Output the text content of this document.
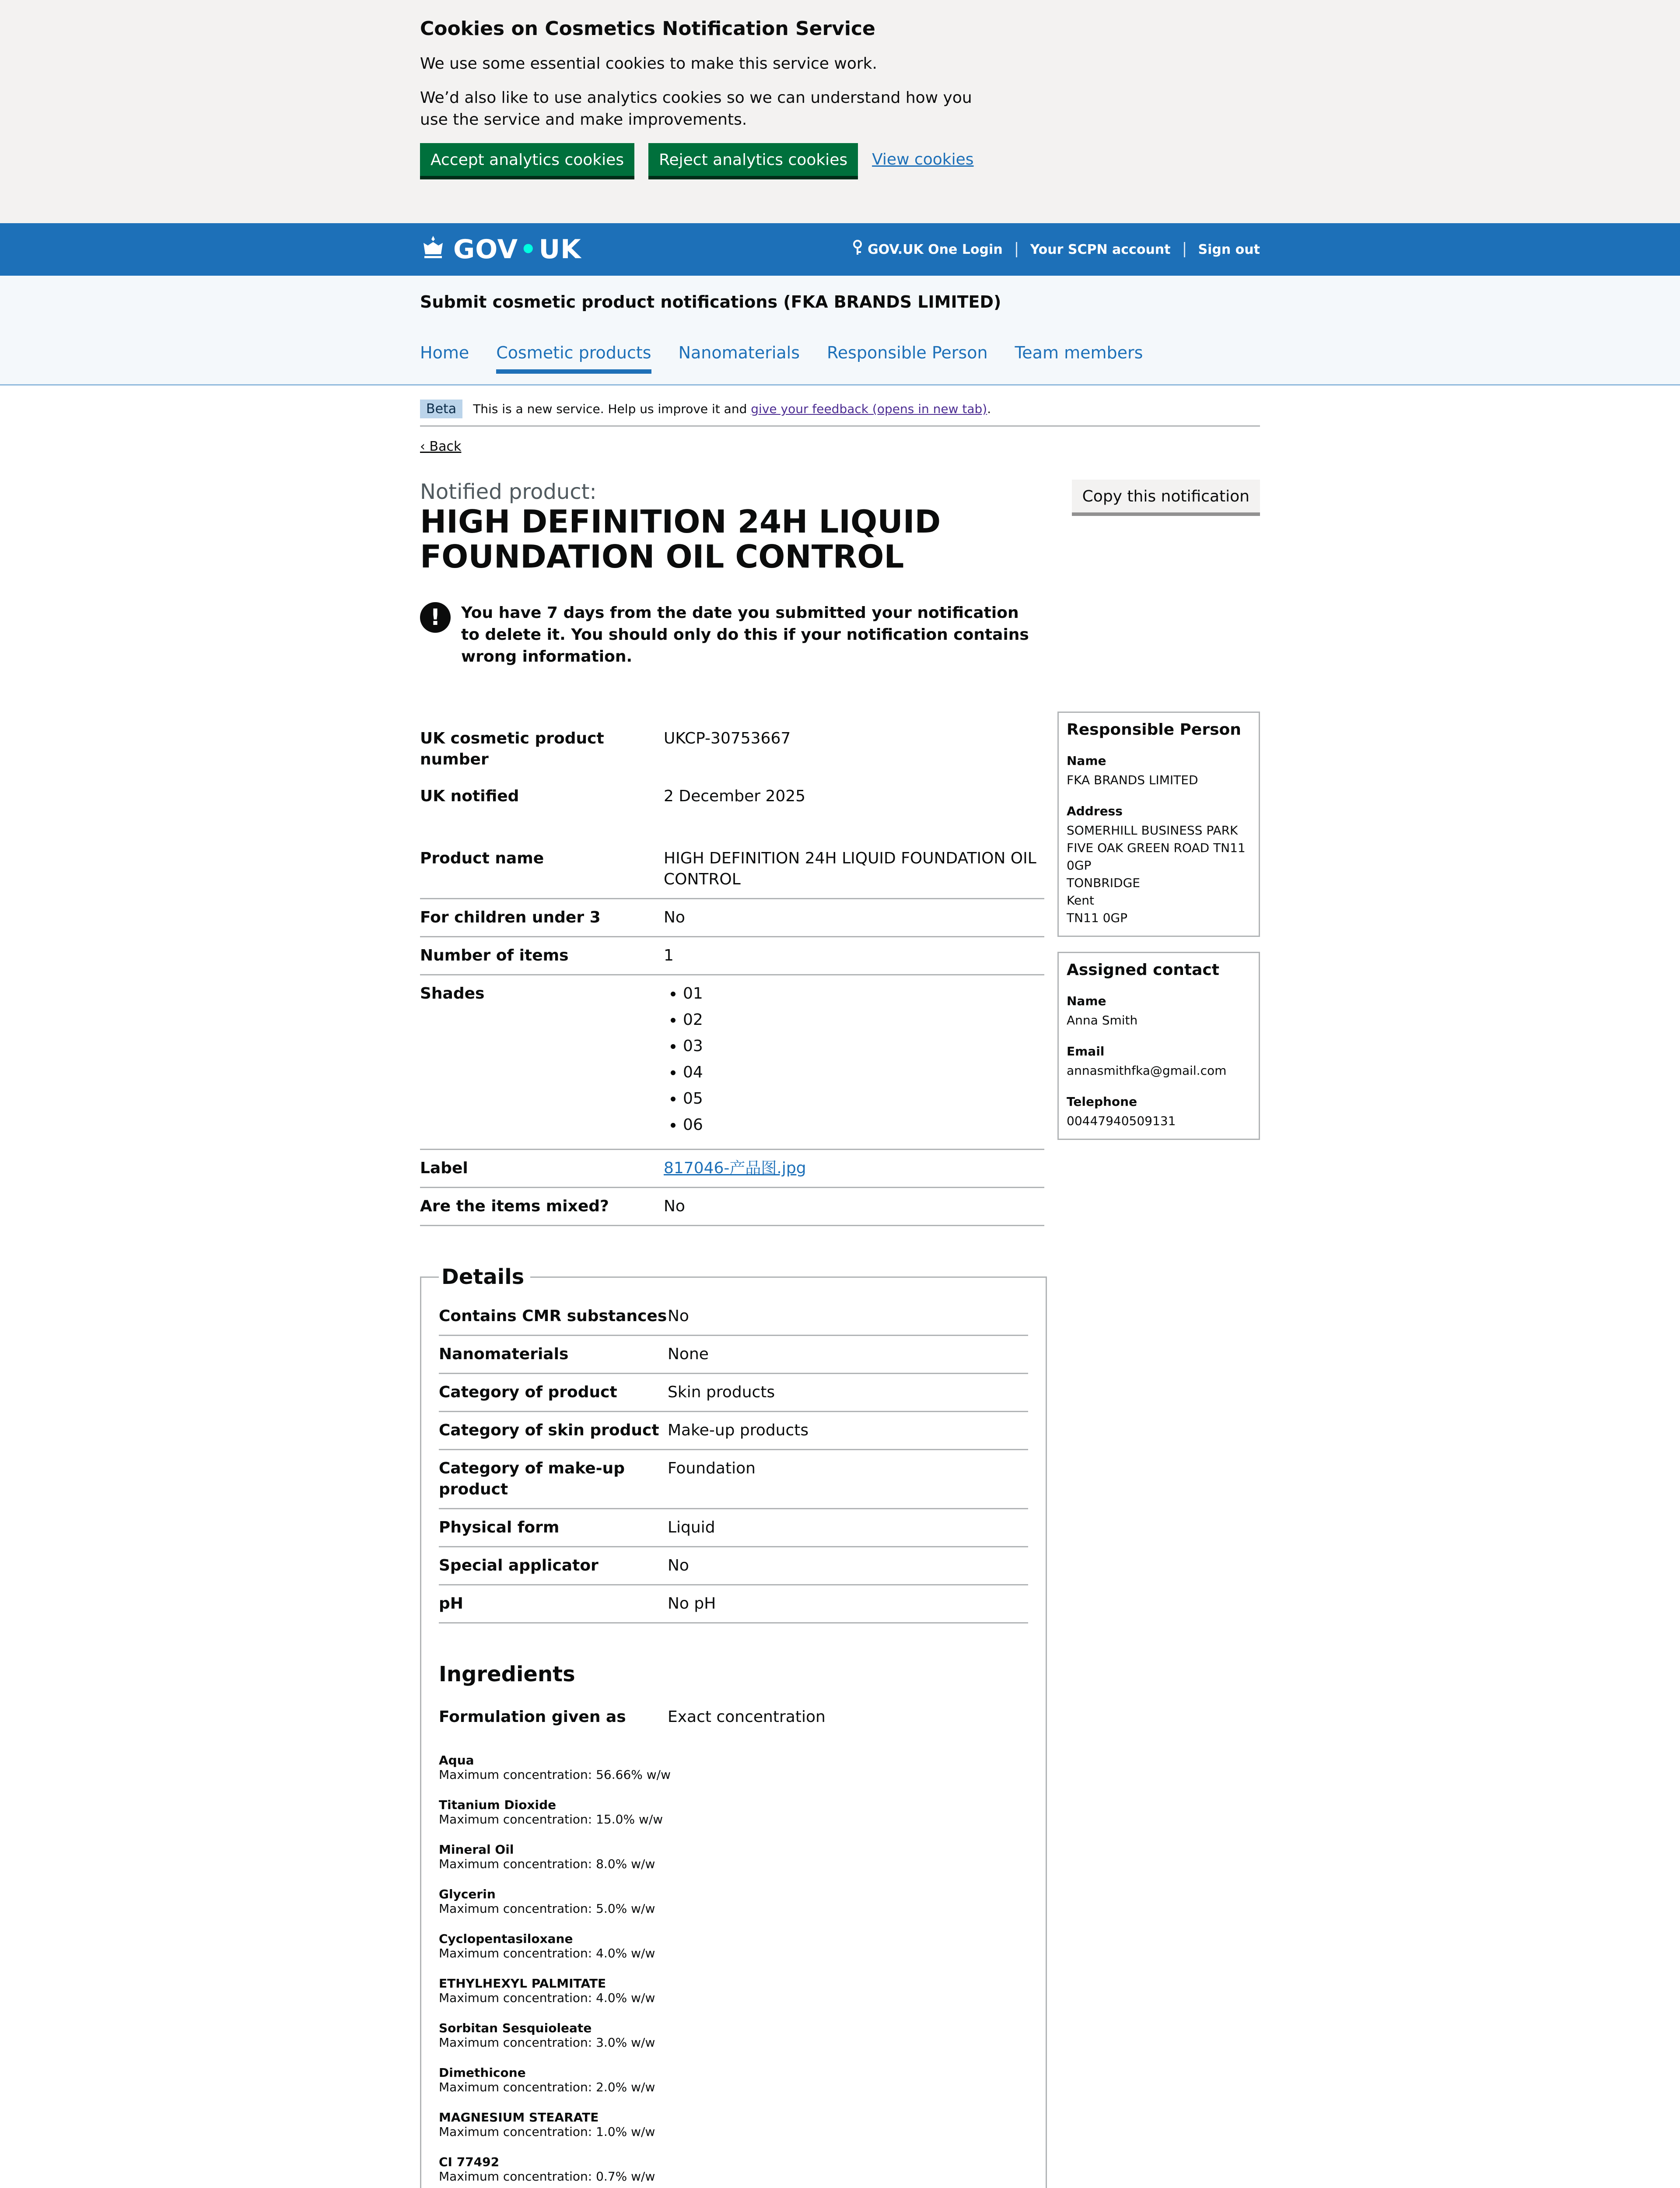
Cookies on Cosmetics Notification Service

We use some essential cookies to make this service work.

We’d also like to use analytics cookies so we can understand how you use the service and make improvements.

Accept analytics cookies	Reject analytics cookies	View cookies
GOV•UK	GOV.UK One Login	Your SCPN account	Sign out

Submit cosmetic product notifications (FKA BRANDS LIMITED)

Home Cosmetic products Nanomaterials Responsible Person Team members
Beta	This is a new service. Help us improve it and give your feedback (opens in new tab).
‹ Back
Notified product:
HIGH DEFINITION 24H LIQUID FOUNDATION OIL CONTROL
Copy this notification
!	You have 7 days from the date you submitted your notification to delete it. You should only do this if your notification contains wrong information.

UK cosmetic product number
UKCP-30753667
UK notified	2 December 2025
Product name	HIGH DEFINITION 24H LIQUID FOUNDATION OIL CONTROL
For children under 3	No
Number of items	1
Shades
•	01
• 02
• 03
• 04
• 05
• 06
Label	817046-产品图.jpg
Are the items mixed?	No
Details
Contains CMR substances No
Nanomaterials	None
Category of product	Skin products
Category of skin product Make-up products
Category of make-up product
Foundation
Physical form	Liquid
Special applicator	No
pH	No pH
Ingredients
Formulation given as	Exact concentration
Aqua
Maximum concentration: 56.66% w/w
Titanium Dioxide
Maximum concentration: 15.0% w/w
Mineral Oil
Maximum concentration: 8.0% w/w
Glycerin
Maximum concentration: 5.0% w/w
Cyclopentasiloxane
Maximum concentration: 4.0% w/w
ETHYLHEXYL PALMITATE
Maximum concentration: 4.0% w/w
Sorbitan Sesquioleate
Maximum concentration: 3.0% w/w
Dimethicone
Maximum concentration: 2.0% w/w
MAGNESIUM STEARATE
Maximum concentration: 1.0% w/w
CI 77492
Maximum concentration: 0.7% w/w
Responsible Person
Name
FKA BRANDS LIMITED
Address
SOMERHILL BUSINESS PARK
FIVE OAK GREEN ROAD TN11
0GP
TONBRIDGE
Kent
TN11 0GP
Assigned contact
Name
Anna Smith
Email
annasmithfka@gmail.com
Telephone
00447940509131
